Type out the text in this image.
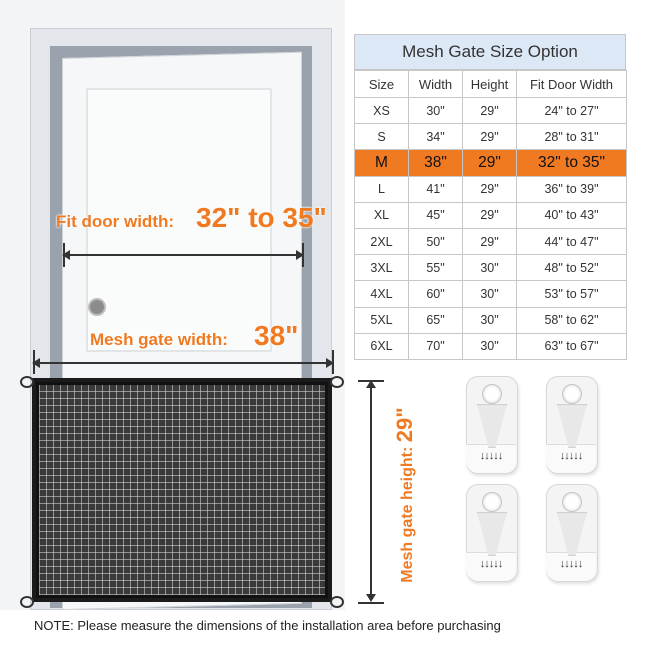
Fit door width: 32" to 35"
Mesh gate width: 38"
Mesh gate height: 29"
Mesh Gate Size Option
Size	Width	Height	Fit Door Width
XS	30"	29"	24" to 27"
S	34"	29"	28" to 31"
M	38"	29"	32" to 35"
L	41"	29"	36" to 39"
XL	45"	29"	40" to 43"
2XL	50"	29"	44" to 47"
3XL	55"	30"	48" to 52"
4XL	60"	30"	53" to 57"
5XL	65"	30"	58" to 62"
6XL	70"	30"	63" to 67"
↓↓↓↓↓	↓↓↓↓↓
↓↓↓↓↓	↓↓↓↓↓
NOTE: Please measure the dimensions of the installation area before purchasing
